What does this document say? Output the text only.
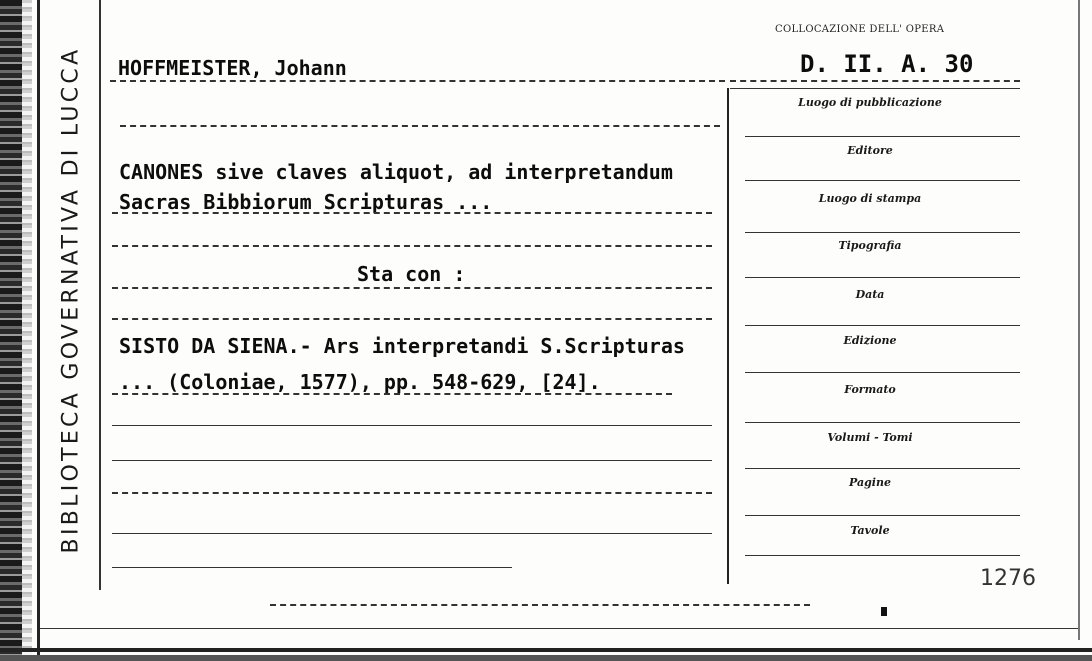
BIBLIOTECA GOVERNATIVA DI LUCCA
COLLOCAZIONE DELL' OPERA
D. II. A. 30
HOFFMEISTER, Johann
CANONES sive claves aliquot, ad interpretandum
Sacras Bibbiorum Scripturas ...
Sta con :
SISTO DA SIENA.- Ars interpretandi S.Scripturas
... (Coloniae, 1577), pp. 548-629, [24].
Luogo di pubblicazione
Editore
Luogo di stampa
Tipografia
Data
Edizione
Formato
Volumi - Tomi
Pagine
Tavole
1276
